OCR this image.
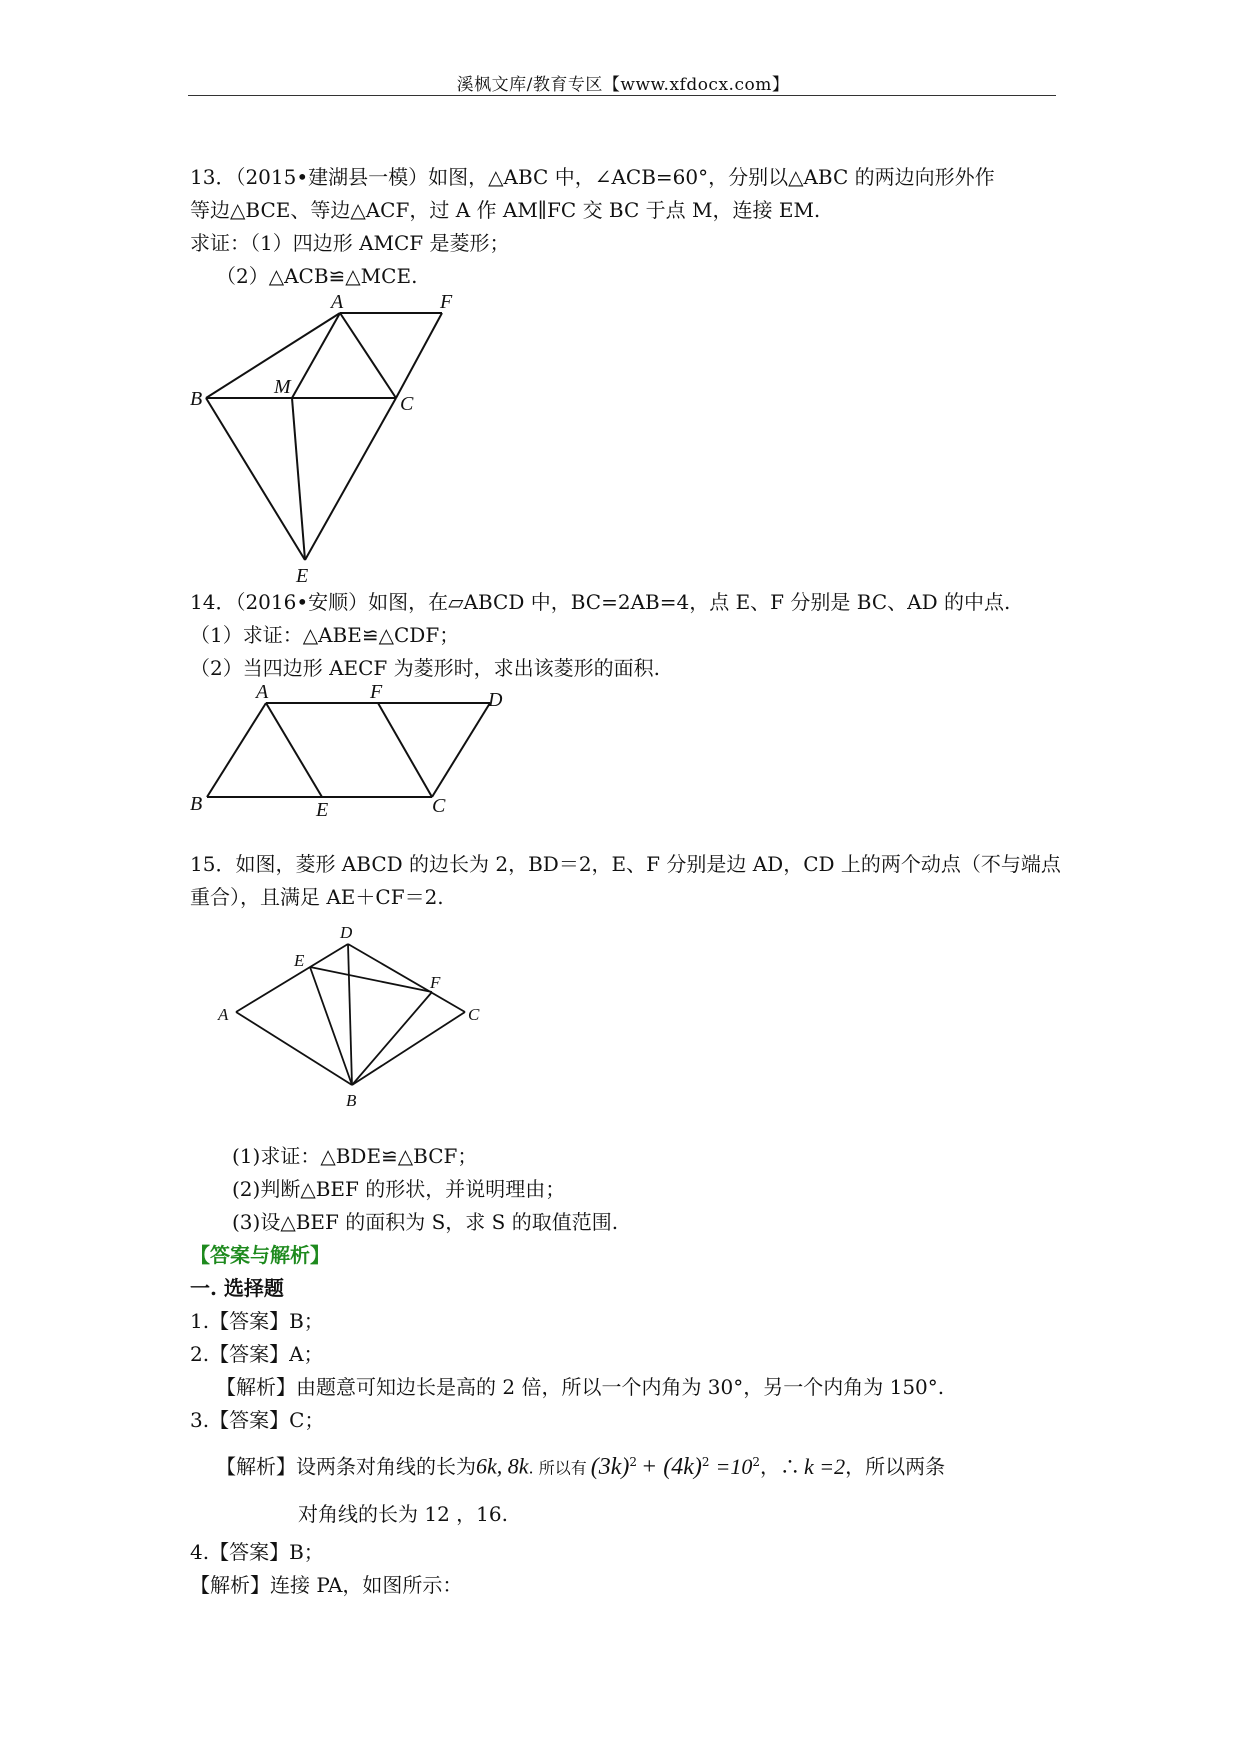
溪枫文库/教育专区【www.xfdocx.com】
13．（2015•建湖县一模）如图，△ABC 中，∠ACB=60°，分别以△ABC 的两边向形外作
等边△BCE、等边△ACF，过 A 作 AM∥FC 交 BC 于点 M，连接 EM.
求证：（1）四边形 AMCF 是菱形；
（2）△ACB≌△MCE.
A	F
B
M
C
E
14．（2016•安顺）如图，在▱ABCD 中，BC=2AB=4，点 E、F 分别是 BC、AD 的中点.
（1）求证：△ABE≌△CDF；
（2）当四边形 AECF 为菱形时，求出该菱形的面积.
A	F	D
B	E	C
15．如图，菱形 ABCD 的边长为 2，BD＝2，E、F 分别是边 AD，CD 上的两个动点（不与端点
重合），且满足 AE＋CF＝2.
D
E
F
A	C
B
(1)求证：△BDE≌△BCF；
(2)判断△BEF 的形状，并说明理由；
(3)设△BEF 的面积为 S，求 S 的取值范围.
【答案与解析】
一. 选择题
1.【答案】B；
2.【答案】A；
【解析】由题意可知边长是高的 2 倍，所以一个内角为 30°，另一个内角为 150°.
3.【答案】C；
【解析】设两条对角线的长为6k, 8k. 所以有 $(3k)^2 + (4k)^2 =10^2$，∴ k =2，所以两条
对角线的长为 12 ，16.
4.【答案】B；
【解析】连接 PA，如图所示：
